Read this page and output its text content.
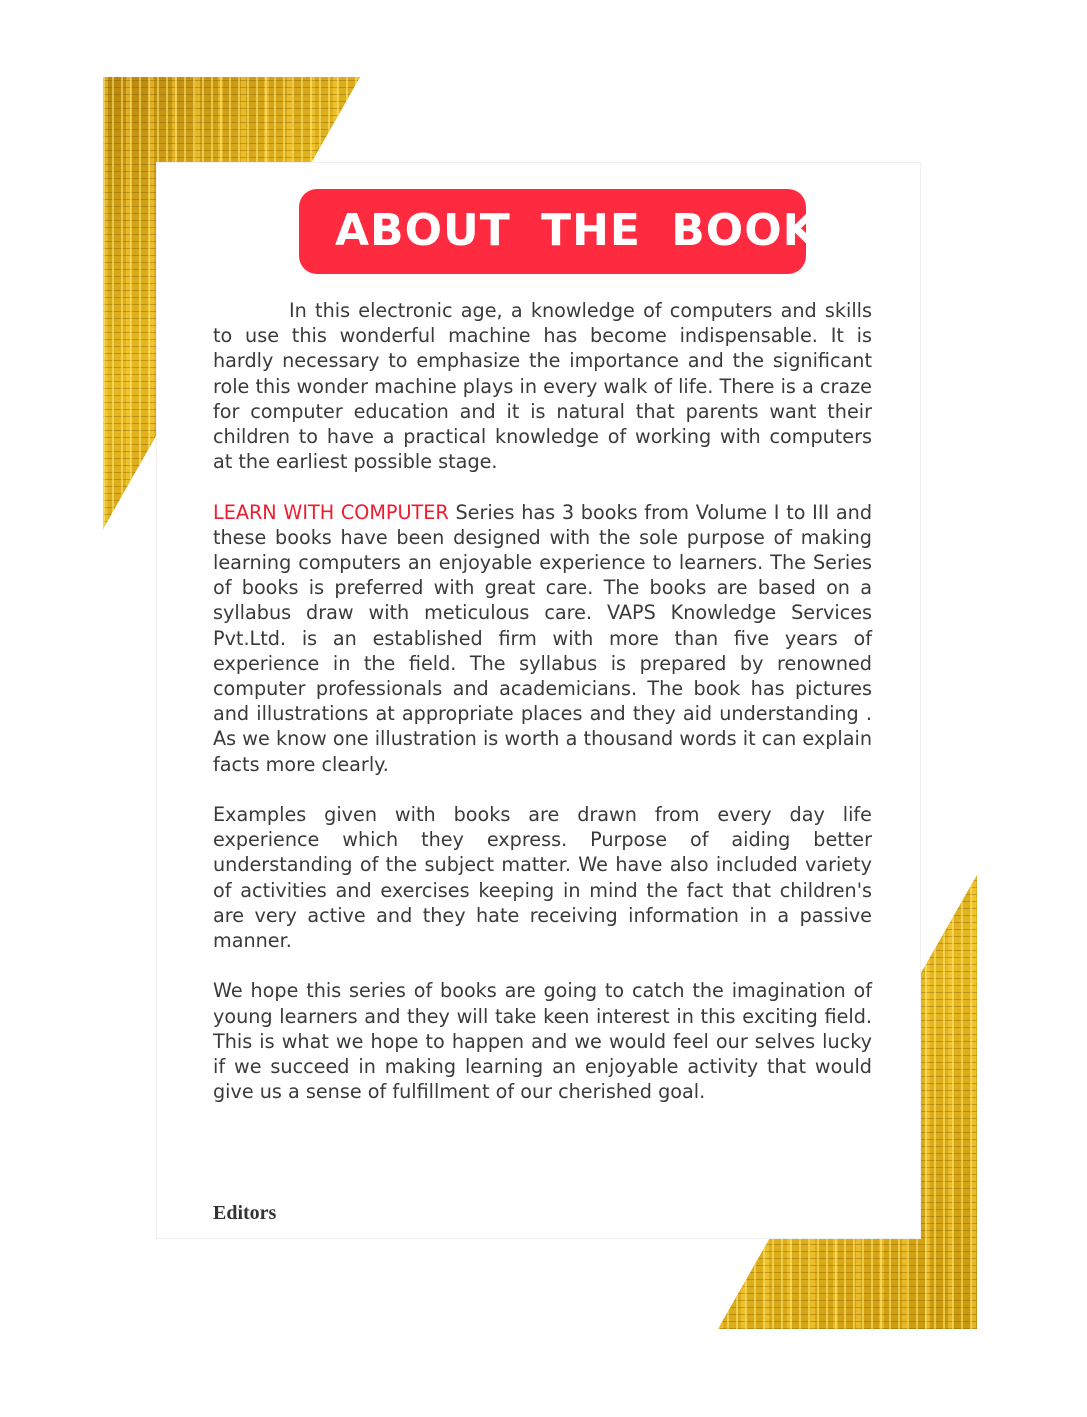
ABOUT THE BOOK

In this electronic age, a knowledge of computers and skills to use this wonderful machine has become indispensable. It is hardly necessary to emphasize the importance and the significant role this wonder machine plays in every walk of life. There is a craze for computer education and it is natural that parents want their children to have a practical knowledge of working with computers at the earliest possible stage.

LEARN WITH COMPUTER Series has 3 books from Volume I to III and these books have been designed with the sole purpose of making learning computers an enjoyable experience to learners. The Series of books is preferred with great care. The books are based on a syllabus draw with meticulous care. VAPS Knowledge Services Pvt.Ltd. is an established firm with more than five years of experience in the field. The syllabus is prepared by renowned computer professionals and academicians. The book has pictures and illustrations at appropriate places and they aid understanding . As we know one illustration is worth a thousand words it can explain facts more clearly.

Examples given with books are drawn from every day life experience which they express. Purpose of aiding better understanding of the subject matter. We have also included variety of activities and exercises keeping in mind the fact that children's are very active and they hate receiving information in a passive manner.

We hope this series of books are going to catch the imagination of young learners and they will take keen interest in this exciting field. This is what we hope to happen and we would feel our selves lucky if we succeed in making learning an enjoyable activity that would give us a sense of fulfillment of our cherished goal.

Editors
